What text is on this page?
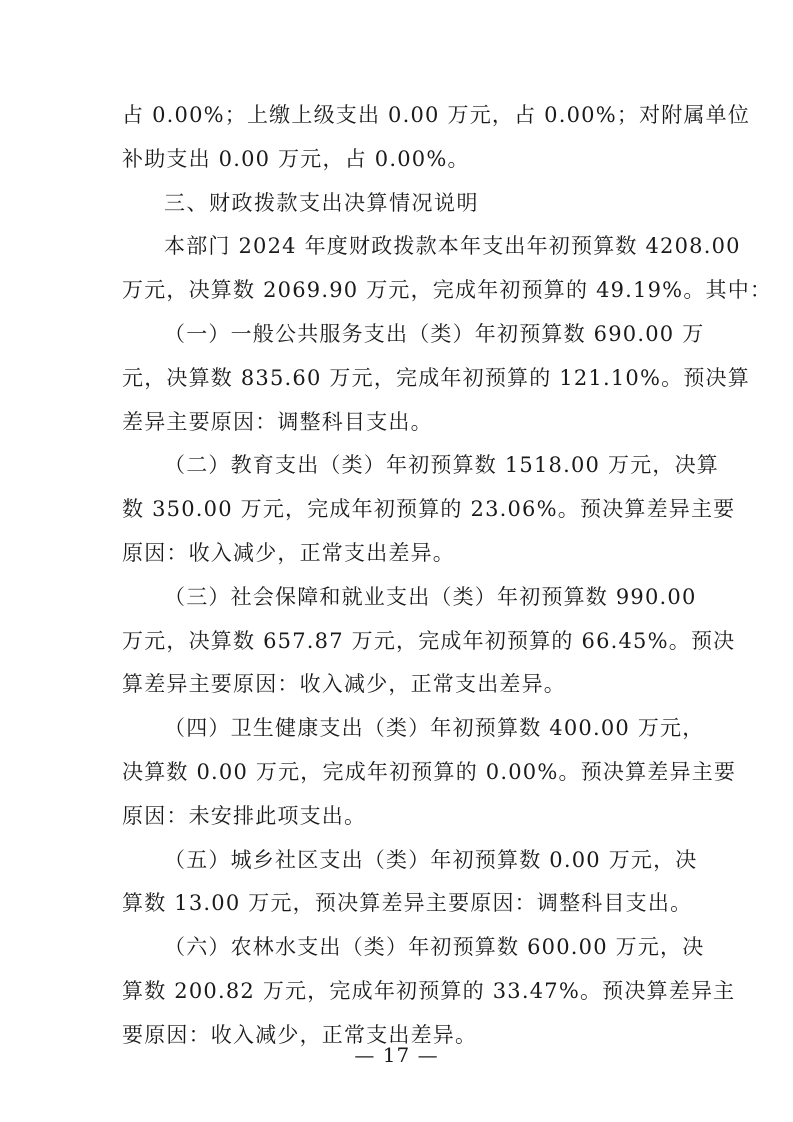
占 0.00%；上缴上级支出 0.00 万元，占 0.00%；对附属单位
补助支出 0.00 万元，占 0.00%。
三、财政拨款支出决算情况说明
本部门 2024 年度财政拨款本年支出年初预算数 4208.00
万元，决算数 2069.90 万元，完成年初预算的 49.19%。其中：
（一）一般公共服务支出（类）年初预算数 690.00 万
元，决算数 835.60 万元，完成年初预算的 121.10%。预决算
差异主要原因：调整科目支出。
（二）教育支出（类）年初预算数 1518.00 万元，决算
数 350.00 万元，完成年初预算的 23.06%。预决算差异主要
原因：收入减少，正常支出差异。
（三）社会保障和就业支出（类）年初预算数 990.00
万元，决算数 657.87 万元，完成年初预算的 66.45%。预决
算差异主要原因：收入减少，正常支出差异。
（四）卫生健康支出（类）年初预算数 400.00 万元，
决算数 0.00 万元，完成年初预算的 0.00%。预决算差异主要
原因：未安排此项支出。
（五）城乡社区支出（类）年初预算数 0.00 万元，决
算数 13.00 万元，预决算差异主要原因：调整科目支出。
（六）农林水支出（类）年初预算数 600.00 万元，决
算数 200.82 万元，完成年初预算的 33.47%。预决算差异主
— 17 —
要原因：收入减少，正常支出差异。
